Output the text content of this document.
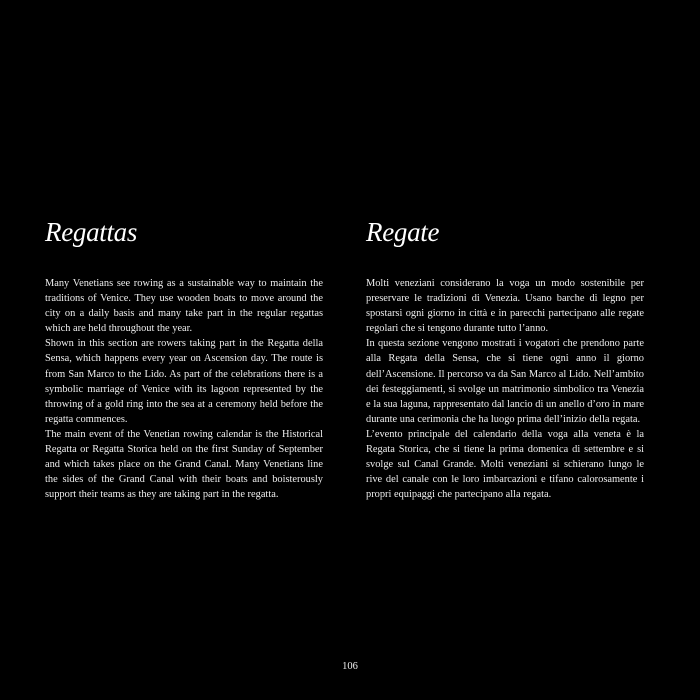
Regattas

Many Venetians see rowing as a sustainable way to maintain the traditions of Venice. They use wooden boats to move around the city on a daily basis and many take part in the regular regattas which are held throughout the year.

Shown in this section are rowers taking part in the Regatta della Sensa, which happens every year on Ascension day. The route is from San Marco to the Lido. As part of the celebrations there is a symbolic marriage of Venice with its lagoon represented by the throwing of a gold ring into the sea at a ceremony held before the regatta commences.

The main event of the Venetian rowing calendar is the Historical Regatta or Regatta Storica held on the first Sunday of September and which takes place on the Grand Canal. Many Venetians line the sides of the Grand Canal with their boats and boisterously support their teams as they are taking part in the regatta.

Regate

Molti veneziani considerano la voga un modo sostenibile per preservare le tradizioni di Venezia. Usano barche di legno per spostarsi ogni giorno in città e in parecchi partecipano alle regate regolari che si tengono durante tutto l’anno.

In questa sezione vengono mostrati i vogatori che prendono parte alla Regata della Sensa, che si tiene ogni anno il giorno dell’Ascensione. Il percorso va da San Marco al Lido. Nell’ambito dei festeggiamenti, si svolge un matrimonio simbolico tra Venezia e la sua laguna, rappresentato dal lancio di un anello d’oro in mare durante una cerimonia che ha luogo prima dell’inizio della regata.

L’evento principale del calendario della voga alla veneta è la Regata Storica, che si tiene la prima domenica di settembre e si svolge sul Canal Grande. Molti veneziani si schierano lungo le rive del canale con le loro imbarcazioni e tifano calorosamente i propri equipaggi che partecipano alla regata.

106
